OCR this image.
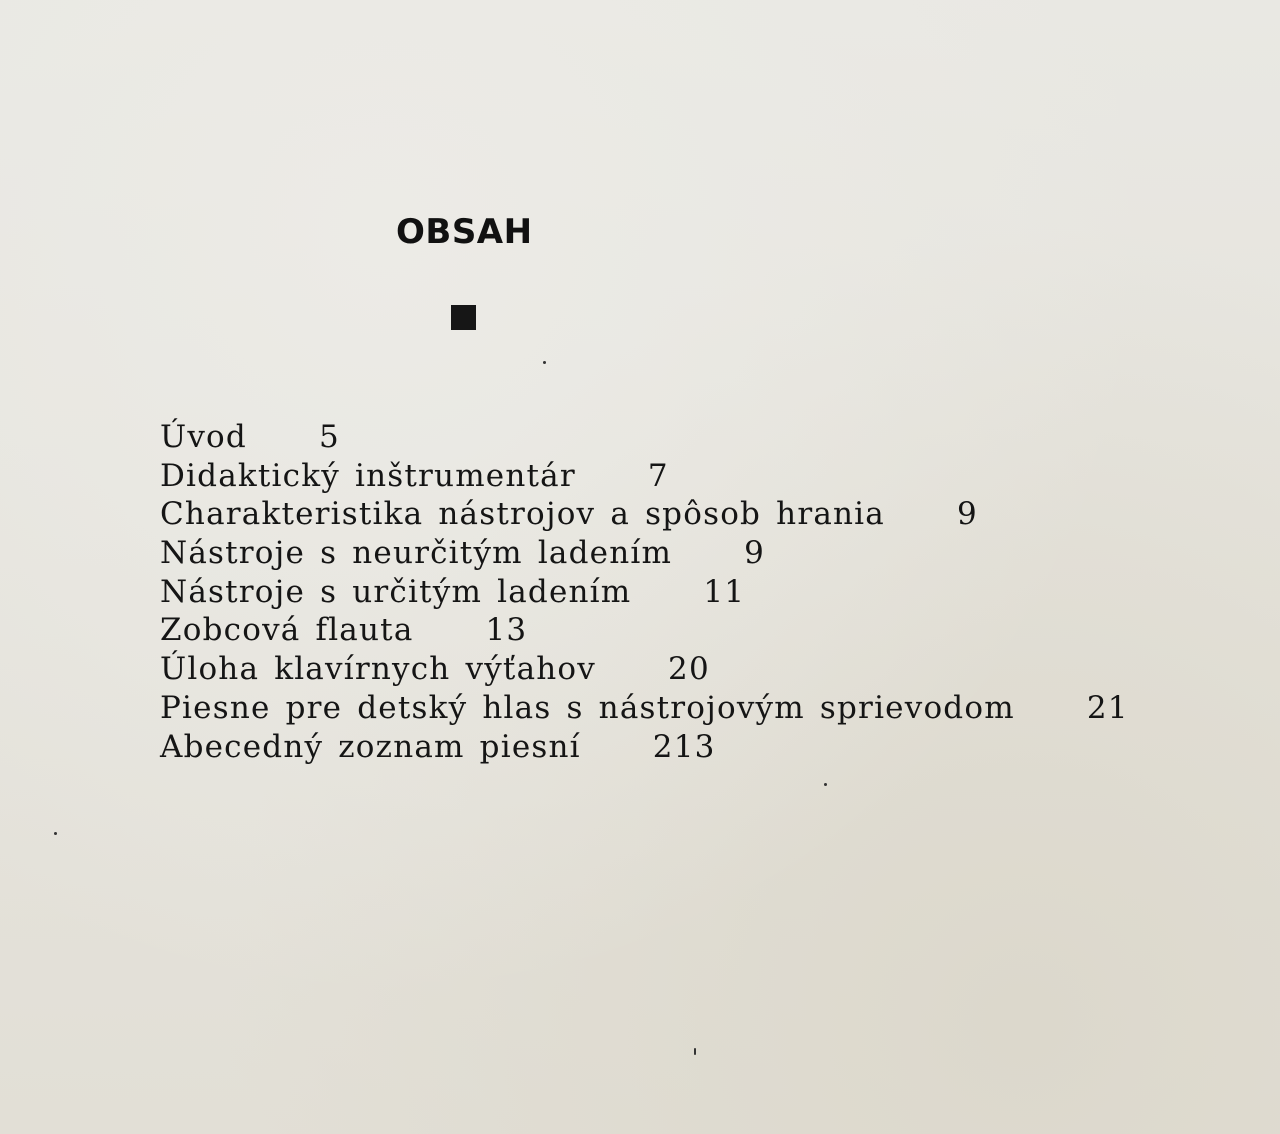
OBSAH
Úvod 5
Didaktický inštrumentár 7
Charakteristika nástrojov a spôsob hrania 9
Nástroje s neurčitým ladením 9
Nástroje s určitým ladením 11
Zobcová flauta 13
Úloha klavírnych výťahov 20
Piesne pre detský hlas s nástrojovým sprievodom 21
Abecedný zoznam piesní 213
